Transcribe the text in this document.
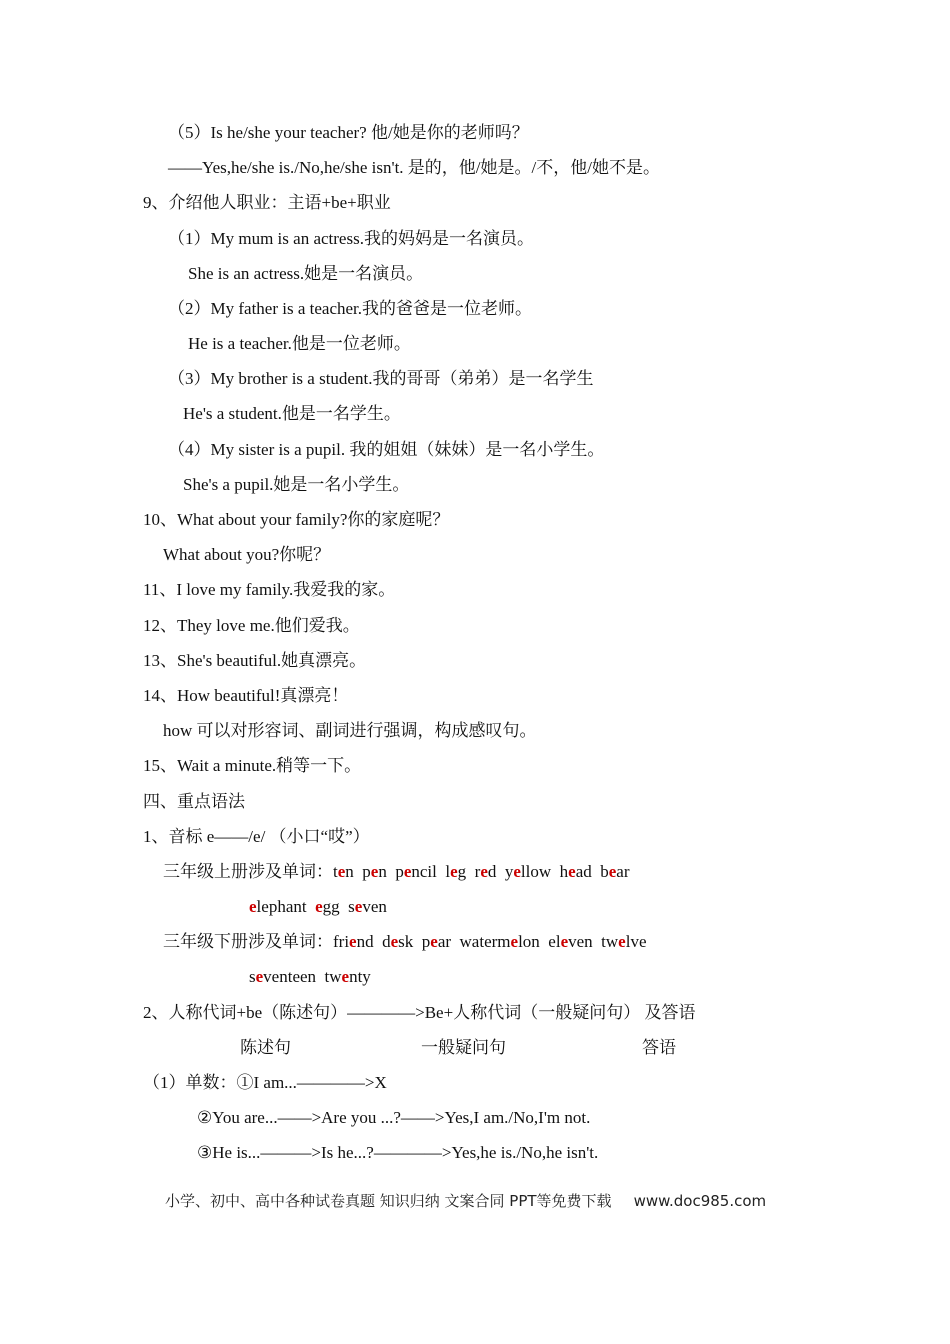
（5）Is he/she your teacher? 他/她是你的老师吗？
——Yes,he/she is./No,he/she isn't. 是的，他/她是。/不，他/她不是。
9、介绍他人职业：主语+be+职业
（1）My mum is an actress.我的妈妈是一名演员。
She is an actress.她是一名演员。
（2）My father is a teacher.我的爸爸是一位老师。
He is a teacher.他是一位老师。
（3）My brother is a student.我的哥哥（弟弟）是一名学生
He's a student.他是一名学生。
（4）My sister is a pupil. 我的姐姐（妹妹）是一名小学生。
She's a pupil.她是一名小学生。
10、What about your family?你的家庭呢？
What about you?你呢？
11、I love my family.我爱我的家。
12、They love me.他们爱我。
13、She's beautiful.她真漂亮。
14、How beautiful!真漂亮！
how 可以对形容词、副词进行强调，构成感叹句。
15、Wait a minute.稍等一下。
四、重点语法
1、音标 e——/e/ （小口“哎”）
三年级上册涉及单词：ten pen pencil leg red yellow head bear
elephant egg seven
三年级下册涉及单词：friend desk pear watermelon eleven twelve
seventeen twenty
2、人称代词+be（陈述句）————>Be+人称代词（一般疑问句） 及答语
陈述句	一般疑问句	答语
（1）单数：①I am...————>X
②You are...——>Are you ...?——>Yes,I am./No,I'm not.
③He is...———>Is he...?————>Yes,he is./No,he isn't.
小学、初中、高中各种试卷真题 知识归纳 文案合同 PPT等免费下载 www.doc985.com
